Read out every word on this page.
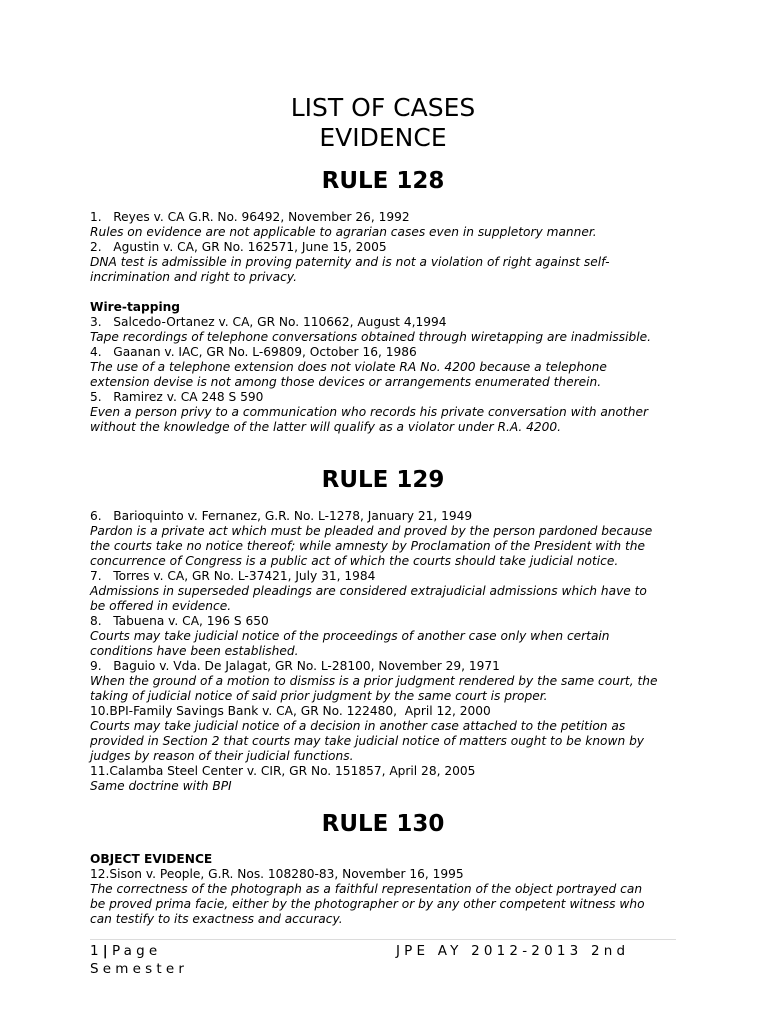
LIST OF CASES
EVIDENCE
RULE 128
1.   Reyes v. CA G.R. No. 96492, November 26, 1992
Rules on evidence are not applicable to agrarian cases even in suppletory manner.
2.   Agustin v. CA, GR No. 162571, June 15, 2005
DNA test is admissible in proving paternity and is not a violation of right against self-
incrimination and right to privacy.
Wire-tapping
3.   Salcedo-Ortanez v. CA, GR No. 110662, August 4,1994
Tape recordings of telephone conversations obtained through wiretapping are inadmissible.
4.   Gaanan v. IAC, GR No. L-69809, October 16, 1986
The use of a telephone extension does not violate RA No. 4200 because a telephone
extension devise is not among those devices or arrangements enumerated therein.
5.   Ramirez v. CA 248 S 590
Even a person privy to a communication who records his private conversation with another
without the knowledge of the latter will qualify as a violator under R.A. 4200.
RULE 129
6.   Barioquinto v. Fernanez, G.R. No. L-1278, January 21, 1949
Pardon is a private act which must be pleaded and proved by the person pardoned because
the courts take no notice thereof; while amnesty by Proclamation of the President with the
concurrence of Congress is a public act of which the courts should take judicial notice.
7.   Torres v. CA, GR No. L-37421, July 31, 1984
Admissions in superseded pleadings are considered extrajudicial admissions which have to
be offered in evidence.
8.   Tabuena v. CA, 196 S 650
Courts may take judicial notice of the proceedings of another case only when certain
conditions have been established.
9.   Baguio v. Vda. De Jalagat, GR No. L-28100, November 29, 1971
When the ground of a motion to dismiss is a prior judgment rendered by the same court, the
taking of judicial notice of said prior judgment by the same court is proper.
10.BPI-Family Savings Bank v. CA, GR No. 122480,  April 12, 2000
Courts may take judicial notice of a decision in another case attached to the petition as
provided in Section 2 that courts may take judicial notice of matters ought to be known by
judges by reason of their judicial functions.
11.Calamba Steel Center v. CIR, GR No. 151857, April 28, 2005
Same doctrine with BPI
RULE 130
OBJECT EVIDENCE
12.Sison v. People, G.R. Nos. 108280-83, November 16, 1995
The correctness of the photograph as a faithful representation of the object portrayed can
be proved prima facie, either by the photographer or by any other competent witness who
can testify to its exactness and accuracy.
1|Page	JPE AY 2012-2013 2nd
Semester
